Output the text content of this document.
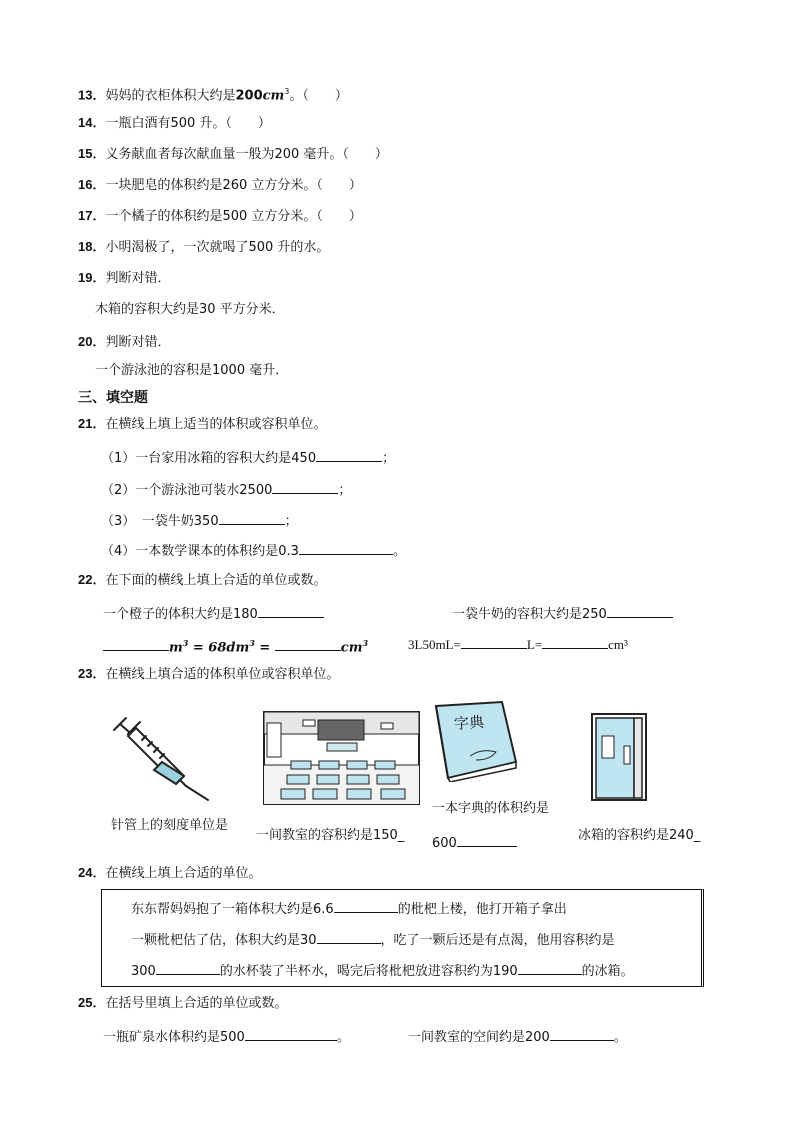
13．妈妈的衣柜体积大约是$200cm^3$。（　　）
14．一瓶白酒有500 升。（　　）
15．义务献血者每次献血量一般为200 毫升。（　　）
16．一块肥皂的体积约是260 立方分米。（　　）
17．一个橘子的体积约是500 立方分米。（　　）
18．小明渴极了，一次就喝了500 升的水。
19．判断对错．
木箱的容积大约是30 平方分米．
20．判断对错．
一个游泳池的容积是1000 毫升．
三、填空题
21．在横线上填上适当的体积或容积单位。
（1）一台家用冰箱的容积大约是450	；
（2）一个游泳池可装水2500	；
（3）　一袋牛奶350	；
（4）一本数学课本的体积约是0.3	。
22．在下面的横线上填上合适的单位或数。
一个橙子的体积大约是180	一袋牛奶的容积大约是250
$m^3 = 68dm^3$ =	$cm^3$	3L50mL=	L=	cm³
23．在横线上填合适的体积单位或容积单位。
字典
针管上的刻度单位是
一间教室的容积约是150_
一本字典的体积约是
600
冰箱的容积约是240_
24．在横线上填上合适的单位。
东东帮妈妈抱了一箱体积大约是6.6	的枇杷上楼，他打开箱子拿出
一颗枇杷估了估，体积大约是30	，吃了一颗后还是有点渴，他用容积约是
300	的水杯装了半杯水，喝完后将枇杷放进容积约为190	的冰箱。
25．在括号里填上合适的单位或数。
一瓶矿泉水体积约是500	。	一间教室的空间约是200	。
